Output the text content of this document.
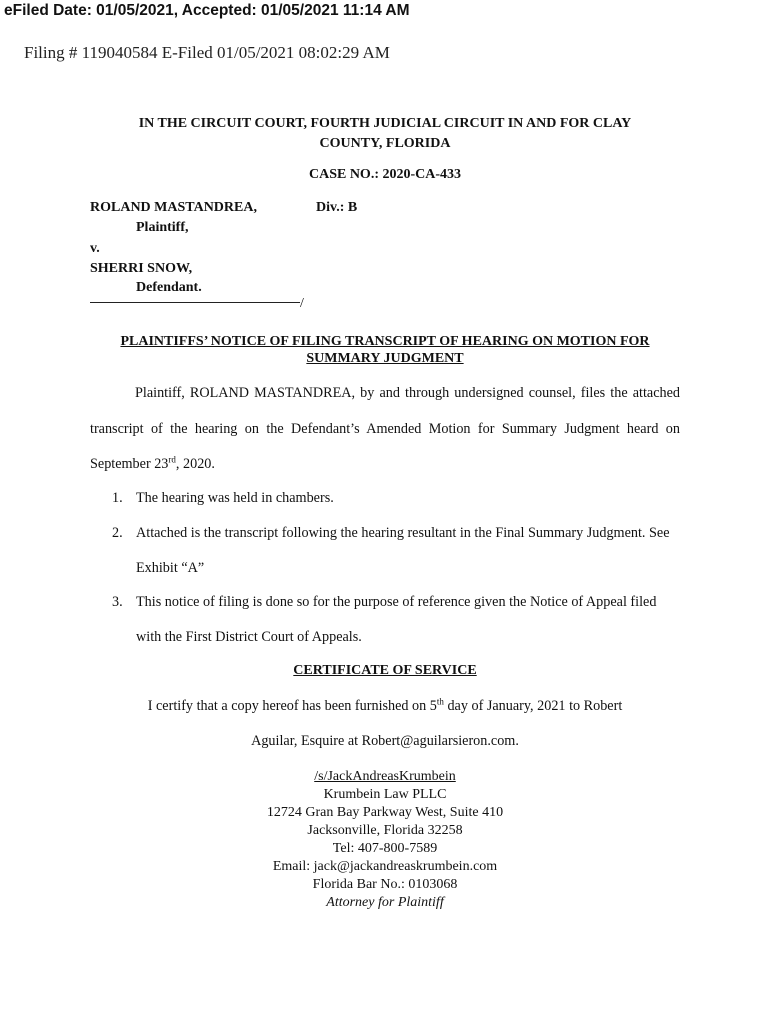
eFiled Date: 01/05/2021, Accepted: 01/05/2021 11:14 AM
Filing # 119040584 E-Filed 01/05/2021 08:02:29 AM
IN THE CIRCUIT COURT, FOURTH JUDICIAL CIRCUIT IN AND FOR CLAY
COUNTY, FLORIDA
CASE NO.: 2020-CA-433
ROLAND MASTANDREA,	Div.: B
Plaintiff,
v.
SHERRI SNOW,
Defendant.
/
PLAINTIFFS’ NOTICE OF FILING TRANSCRIPT OF HEARING ON MOTION FOR
SUMMARY JUDGMENT

Plaintiff, ROLAND MASTANDREA, by and through undersigned counsel, files the attached transcript of the hearing on the Defendant’s Amended Motion for Summary Judgment heard on September 23rd, 2020.

1. The hearing was held in chambers.
2. Attached is the transcript following the hearing resultant in the Final Summary Judgment. See Exhibit “A”
3. This notice of filing is done so for the purpose of reference given the Notice of Appeal filed with the First District Court of Appeals.
CERTIFICATE OF SERVICE
I certify that a copy hereof has been furnished on 5th day of January, 2021 to Robert
Aguilar, Esquire at Robert@aguilarsieron.com.
/s/JackAndreasKrumbein
Krumbein Law PLLC
12724 Gran Bay Parkway West, Suite 410
Jacksonville, Florida 32258
Tel: 407-800-7589
Email: jack@jackandreaskrumbein.com
Florida Bar No.: 0103068
Attorney for Plaintiff
